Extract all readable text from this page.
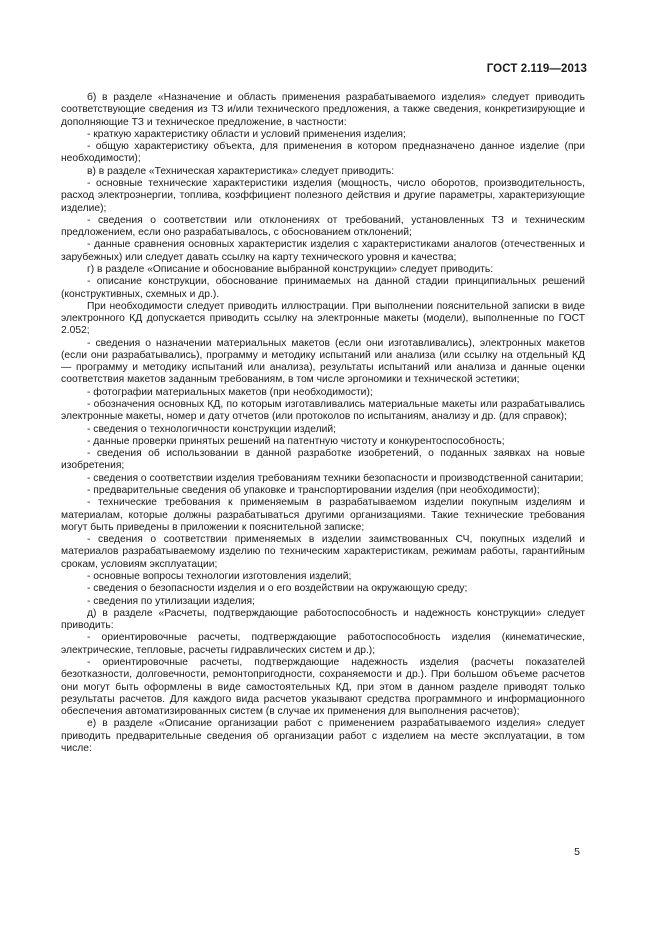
ГОСТ 2.119—2013

б) в разделе «Назначение и область применения разрабатываемого изделия» следует приводить соответствующие сведения из ТЗ и/или технического предложения, а также сведения, конкретизирующие и дополняющие ТЗ и техническое предложение, в частности:

- краткую характеристику области и условий применения изделия;

- общую характеристику объекта, для применения в котором предназначено данное изделие (при необходимости);

в) в разделе «Техническая характеристика» следует приводить:

- основные технические характеристики изделия (мощность, число оборотов, производительность, расход электроэнергии, топлива, коэффициент полезного действия и другие параметры, характеризующие изделие);

- сведения о соответствии или отклонениях от требований, установленных ТЗ и техническим предложением, если оно разрабатывалось, с обоснованием отклонений;

- данные сравнения основных характеристик изделия с характеристиками аналогов (отечественных и зарубежных) или следует давать ссылку на карту технического уровня и качества;

г) в разделе «Описание и обоснование выбранной конструкции» следует приводить:

- описание конструкции, обоснование принимаемых на данной стадии принципиальных решений (конструктивных, схемных и др.).

При необходимости следует приводить иллюстрации. При выполнении пояснительной записки в виде электронного КД допускается приводить ссылку на электронные макеты (модели), выполненные по ГОСТ 2.052;

- сведения о назначении материальных макетов (если они изготавливались), электронных макетов (если они разрабатывались), программу и методику испытаний или анализа (или ссылку на отдельный КД — программу и методику испытаний или анализа), результаты испытаний или анализа и данные оценки соответствия макетов заданным требованиям, в том числе эргономики и технической эстетики;

- фотографии материальных макетов (при необходимости);

- обозначения основных КД, по которым изготавливались материальные макеты или разрабатывались электронные макеты, номер и дату отчетов (или протоколов по испытаниям, анализу и др. (для справок);

- сведения о технологичности конструкции изделий;

- данные проверки принятых решений на патентную чистоту и конкурентоспособность;

- сведения об использовании в данной разработке изобретений, о поданных заявках на новые изобретения;

- сведения о соответствии изделия требованиям техники безопасности и производственной санитарии;

- предварительные сведения об упаковке и транспортировании изделия (при необходимости);

- технические требования к применяемым в разрабатываемом изделии покупным изделиям и материалам, которые должны разрабатываться другими организациями. Такие технические требования могут быть приведены в приложении к пояснительной записке;

- сведения о соответствии применяемых в изделии заимствованных СЧ, покупных изделий и материалов разрабатываемому изделию по техническим характеристикам, режимам работы, гарантийным срокам, условиям эксплуатации;

- основные вопросы технологии изготовления изделий;

- сведения о безопасности изделия и о его воздействии на окружающую среду;

- сведения по утилизации изделия;

д) в разделе «Расчеты, подтверждающие работоспособность и надежность конструкции» следует приводить:

- ориентировочные расчеты, подтверждающие работоспособность изделия (кинематические, электрические, тепловые, расчеты гидравлических систем и др.);

- ориентировочные расчеты, подтверждающие надежность изделия (расчеты показателей безотказности, долговечности, ремонтопригодности, сохраняемости и др.). При большом объеме расчетов они могут быть оформлены в виде самостоятельных КД, при этом в данном разделе приводят только результаты расчетов. Для каждого вида расчетов указывают средства программного и информационного обеспечения автоматизированных систем (в случае их применения для выполнения расчетов);

е) в разделе «Описание организации работ с применением разрабатываемого изделия» следует приводить предварительные сведения об организации работ с изделием на месте эксплуатации, в том числе:

5
